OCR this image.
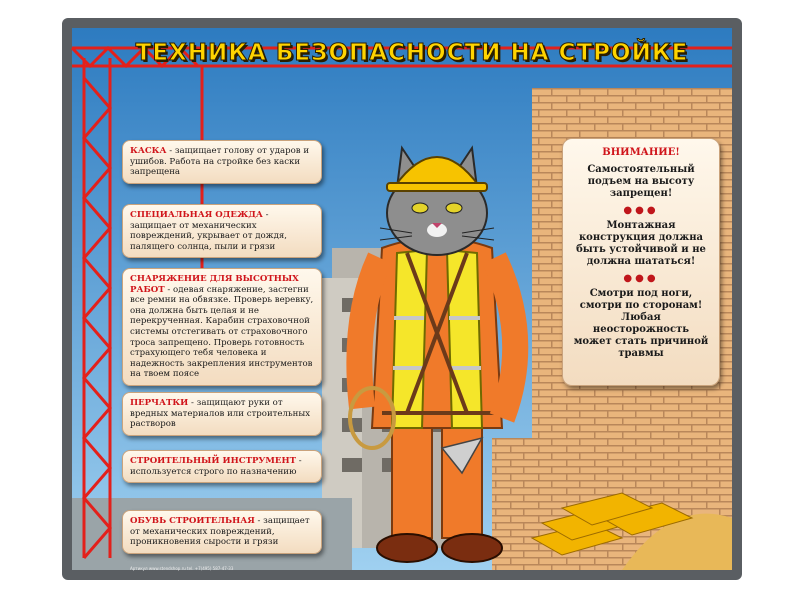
ТЕХНИКА БЕЗОПАСНОСТИ НА СТРОЙКЕ
КАСКА - защищает голову от ударов и ушибов. Работа на стройке без каски запрещена
СПЕЦИАЛЬНАЯ ОДЕЖДА - защищает от механических повреждений, укрывает от дождя, палящего солнца, пыли и грязи
СНАРЯЖЕНИЕ ДЛЯ ВЫСОТНЫХ РАБОТ - одевая снаряжение, застегни все ремни на обвязке. Проверь веревку, она должна быть целая и не перекрученная. Карабин страховочной системы отстегивать от страховочного троса запрещено. Проверь готовность страхующего тебя человека и надежность закрепления инструментов на твоем поясе
ПЕРЧАТКИ - защищают руки от вредных материалов или строительных растворов
СТРОИТЕЛЬНЫЙ ИНСТРУМЕНТ - используется строго по назначению
ОБУВЬ СТРОИТЕЛЬНАЯ - защищает от механических повреждений, проникновения сырости и грязи
ВНИМАНИЕ!
Самостоятельный подъем на высоту запрещен!
●●●
Монтажная конструкция должна быть устойчивой и не должна шататься!
●●●
Смотри под ноги, смотри по сторонам! Любая неосторожность может стать причиной травмы
Артикул www.stendshop.ru tel. +7(495) 587-47-33
